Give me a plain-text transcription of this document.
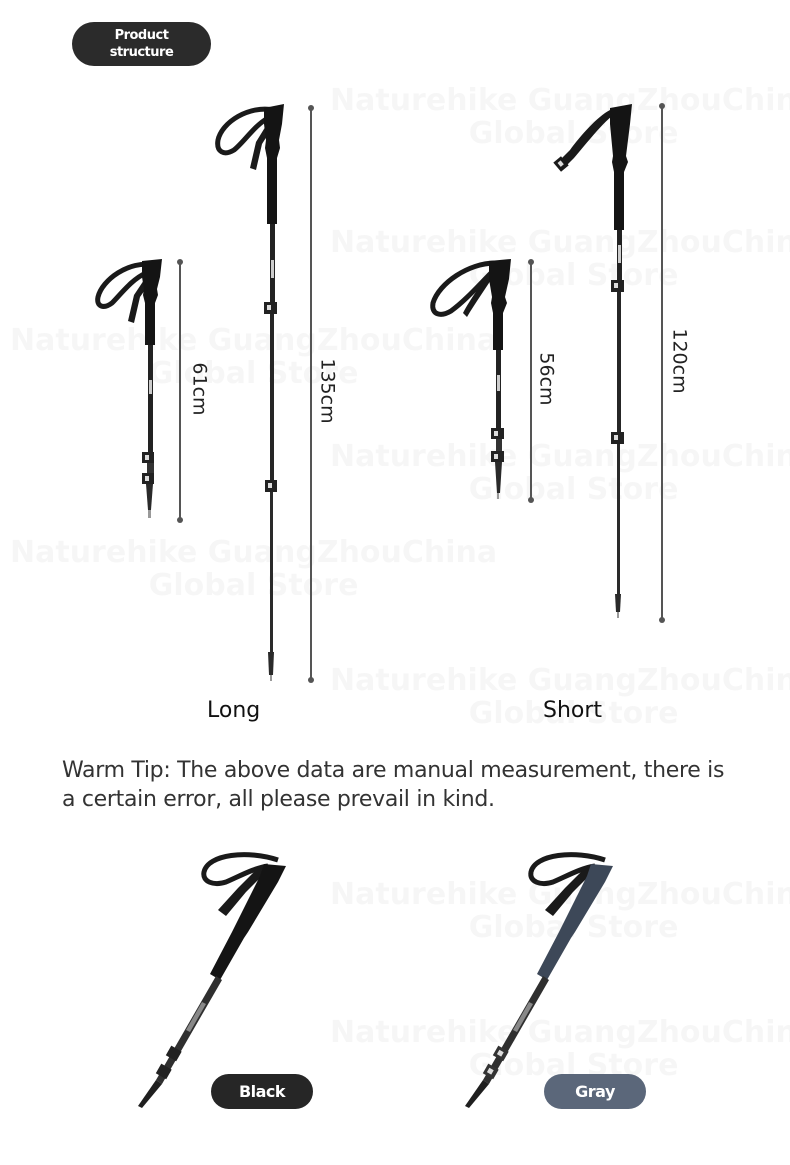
Product
structure
61cm	135cm
Long
56cm	120cm
Short
Warm Tip: The above data are manual measurement, there is a certain error, all please prevail in kind.
Black	Gray
